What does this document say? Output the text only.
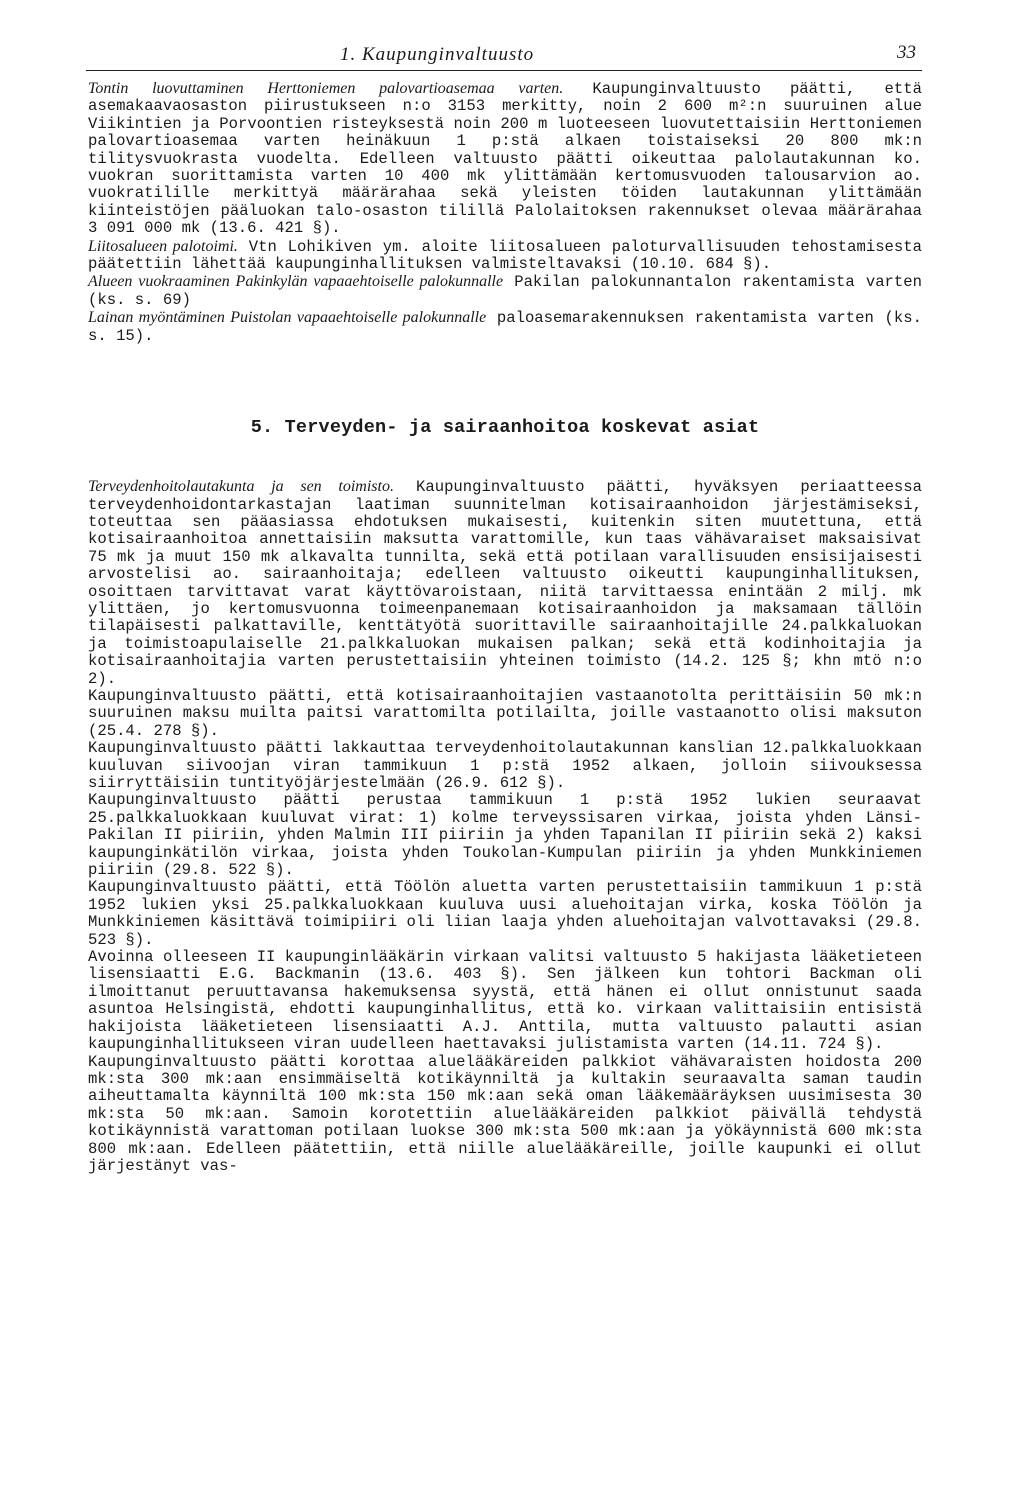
1. Kaupunginvaltuusto	33

Tontin luovuttaminen Herttoniemen palovartioasemaa varten. Kaupunginvaltuusto päätti, että asemakaavaosaston piirustukseen n:o 3153 merkitty, noin 2 600 m²:n suuruinen alue Viikintien ja Porvoontien risteyksestä noin 200 m luoteeseen luovutettaisiin Herttoniemen palovartioasemaa varten heinäkuun 1 p:stä alkaen toistaiseksi 20 800 mk:n tilitysvuokrasta vuodelta. Edelleen valtuusto päätti oikeuttaa palolautakunnan ko. vuokran suorittamista varten 10 400 mk ylittämään kertomusvuoden talousarvion ao. vuokratilille merkittyä määrärahaa sekä yleisten töiden lautakunnan ylittämään kiinteistöjen pääluokan talo-osaston tilillä Palolaitoksen rakennukset olevaa määrärahaa 3 091 000 mk (13.6. 421 §).

Liitosalueen palotoimi. Vtn Lohikiven ym. aloite liitosalueen paloturvallisuuden tehostamisesta päätettiin lähettää kaupunginhallituksen valmisteltavaksi (10.10. 684 §).

Alueen vuokraaminen Pakinkylän vapaaehtoiselle palokunnalle Pakilan palokunnantalon rakentamista varten (ks. s. 69)

Lainan myöntäminen Puistolan vapaaehtoiselle palokunnalle paloasemarakennuksen rakentamista varten (ks. s. 15).

5. Terveyden- ja sairaanhoitoa koskevat asiat

Terveydenhoitolautakunta ja sen toimisto. Kaupunginvaltuusto päätti, hyväksyen periaatteessa terveydenhoidontarkastajan laatiman suunnitelman kotisairaanhoidon järjestämiseksi, toteuttaa sen pääasiassa ehdotuksen mukaisesti, kuitenkin siten muutettuna, että kotisairaanhoitoa annettaisiin maksutta varattomille, kun taas vähävaraiset maksaisivat 75 mk ja muut 150 mk alkavalta tunnilta, sekä että potilaan varallisuuden ensisijaisesti arvostelisi ao. sairaanhoitaja; edelleen valtuusto oikeutti kaupunginhallituksen, osoittaen tarvittavat varat käyttövaroistaan, niitä tarvittaessa enintään 2 milj. mk ylittäen, jo kertomusvuonna toimeenpanemaan kotisairaanhoidon ja maksamaan tällöin tilapäisesti palkattaville, kenttätyötä suorittaville sairaanhoitajille 24.palkkaluokan ja toimistoapulaiselle 21.palkkaluokan mukaisen palkan; sekä että kodinhoitajia ja kotisairaanhoitajia varten perustettaisiin yhteinen toimisto (14.2. 125 §; khn mtö n:o 2).

Kaupunginvaltuusto päätti, että kotisairaanhoitajien vastaanotolta perittäisiin 50 mk:n suuruinen maksu muilta paitsi varattomilta potilailta, joille vastaanotto olisi maksuton (25.4. 278 §).

Kaupunginvaltuusto päätti lakkauttaa terveydenhoitolautakunnan kanslian 12.palkkaluokkaan kuuluvan siivoojan viran tammikuun 1 p:stä 1952 alkaen, jolloin siivouksessa siirryttäisiin tuntityöjärjestelmään (26.9. 612 §).

Kaupunginvaltuusto päätti perustaa tammikuun 1 p:stä 1952 lukien seuraavat 25.palkkaluokkaan kuuluvat virat: 1) kolme terveyssisaren virkaa, joista yhden Länsi-Pakilan II piiriin, yhden Malmin III piiriin ja yhden Tapanilan II piiriin sekä 2) kaksi kaupunginkätilön virkaa, joista yhden Toukolan-Kumpulan piiriin ja yhden Munkkiniemen piiriin (29.8. 522 §).

Kaupunginvaltuusto päätti, että Töölön aluetta varten perustettaisiin tammikuun 1 p:stä 1952 lukien yksi 25.palkkaluokkaan kuuluva uusi aluehoitajan virka, koska Töölön ja Munkkiniemen käsittävä toimipiiri oli liian laaja yhden aluehoitajan valvottavaksi (29.8. 523 §).

Avoinna olleeseen II kaupunginlääkärin virkaan valitsi valtuusto 5 hakijasta lääketieteen lisensiaatti E.G. Backmanin (13.6. 403 §). Sen jälkeen kun tohtori Backman oli ilmoittanut peruuttavansa hakemuksensa syystä, että hänen ei ollut onnistunut saada asuntoa Helsingistä, ehdotti kaupunginhallitus, että ko. virkaan valittaisiin entisistä hakijoista lääketieteen lisensiaatti A.J. Anttila, mutta valtuusto palautti asian kaupunginhallitukseen viran uudelleen haettavaksi julistamista varten (14.11. 724 §).

Kaupunginvaltuusto päätti korottaa aluelääkäreiden palkkiot vähävaraisten hoidosta 200 mk:sta 300 mk:aan ensimmäiseltä kotikäynniltä ja kultakin seuraavalta saman taudin aiheuttamalta käynniltä 100 mk:sta 150 mk:aan sekä oman lääkemääräyksen uusimisesta 30 mk:sta 50 mk:aan. Samoin korotettiin aluelääkäreiden palkkiot päivällä tehdystä kotikäynnistä varattoman potilaan luokse 300 mk:sta 500 mk:aan ja yökäynnistä 600 mk:sta 800 mk:aan. Edelleen päätettiin, että niille aluelääkäreille, joille kaupunki ei ollut järjestänyt vas-
